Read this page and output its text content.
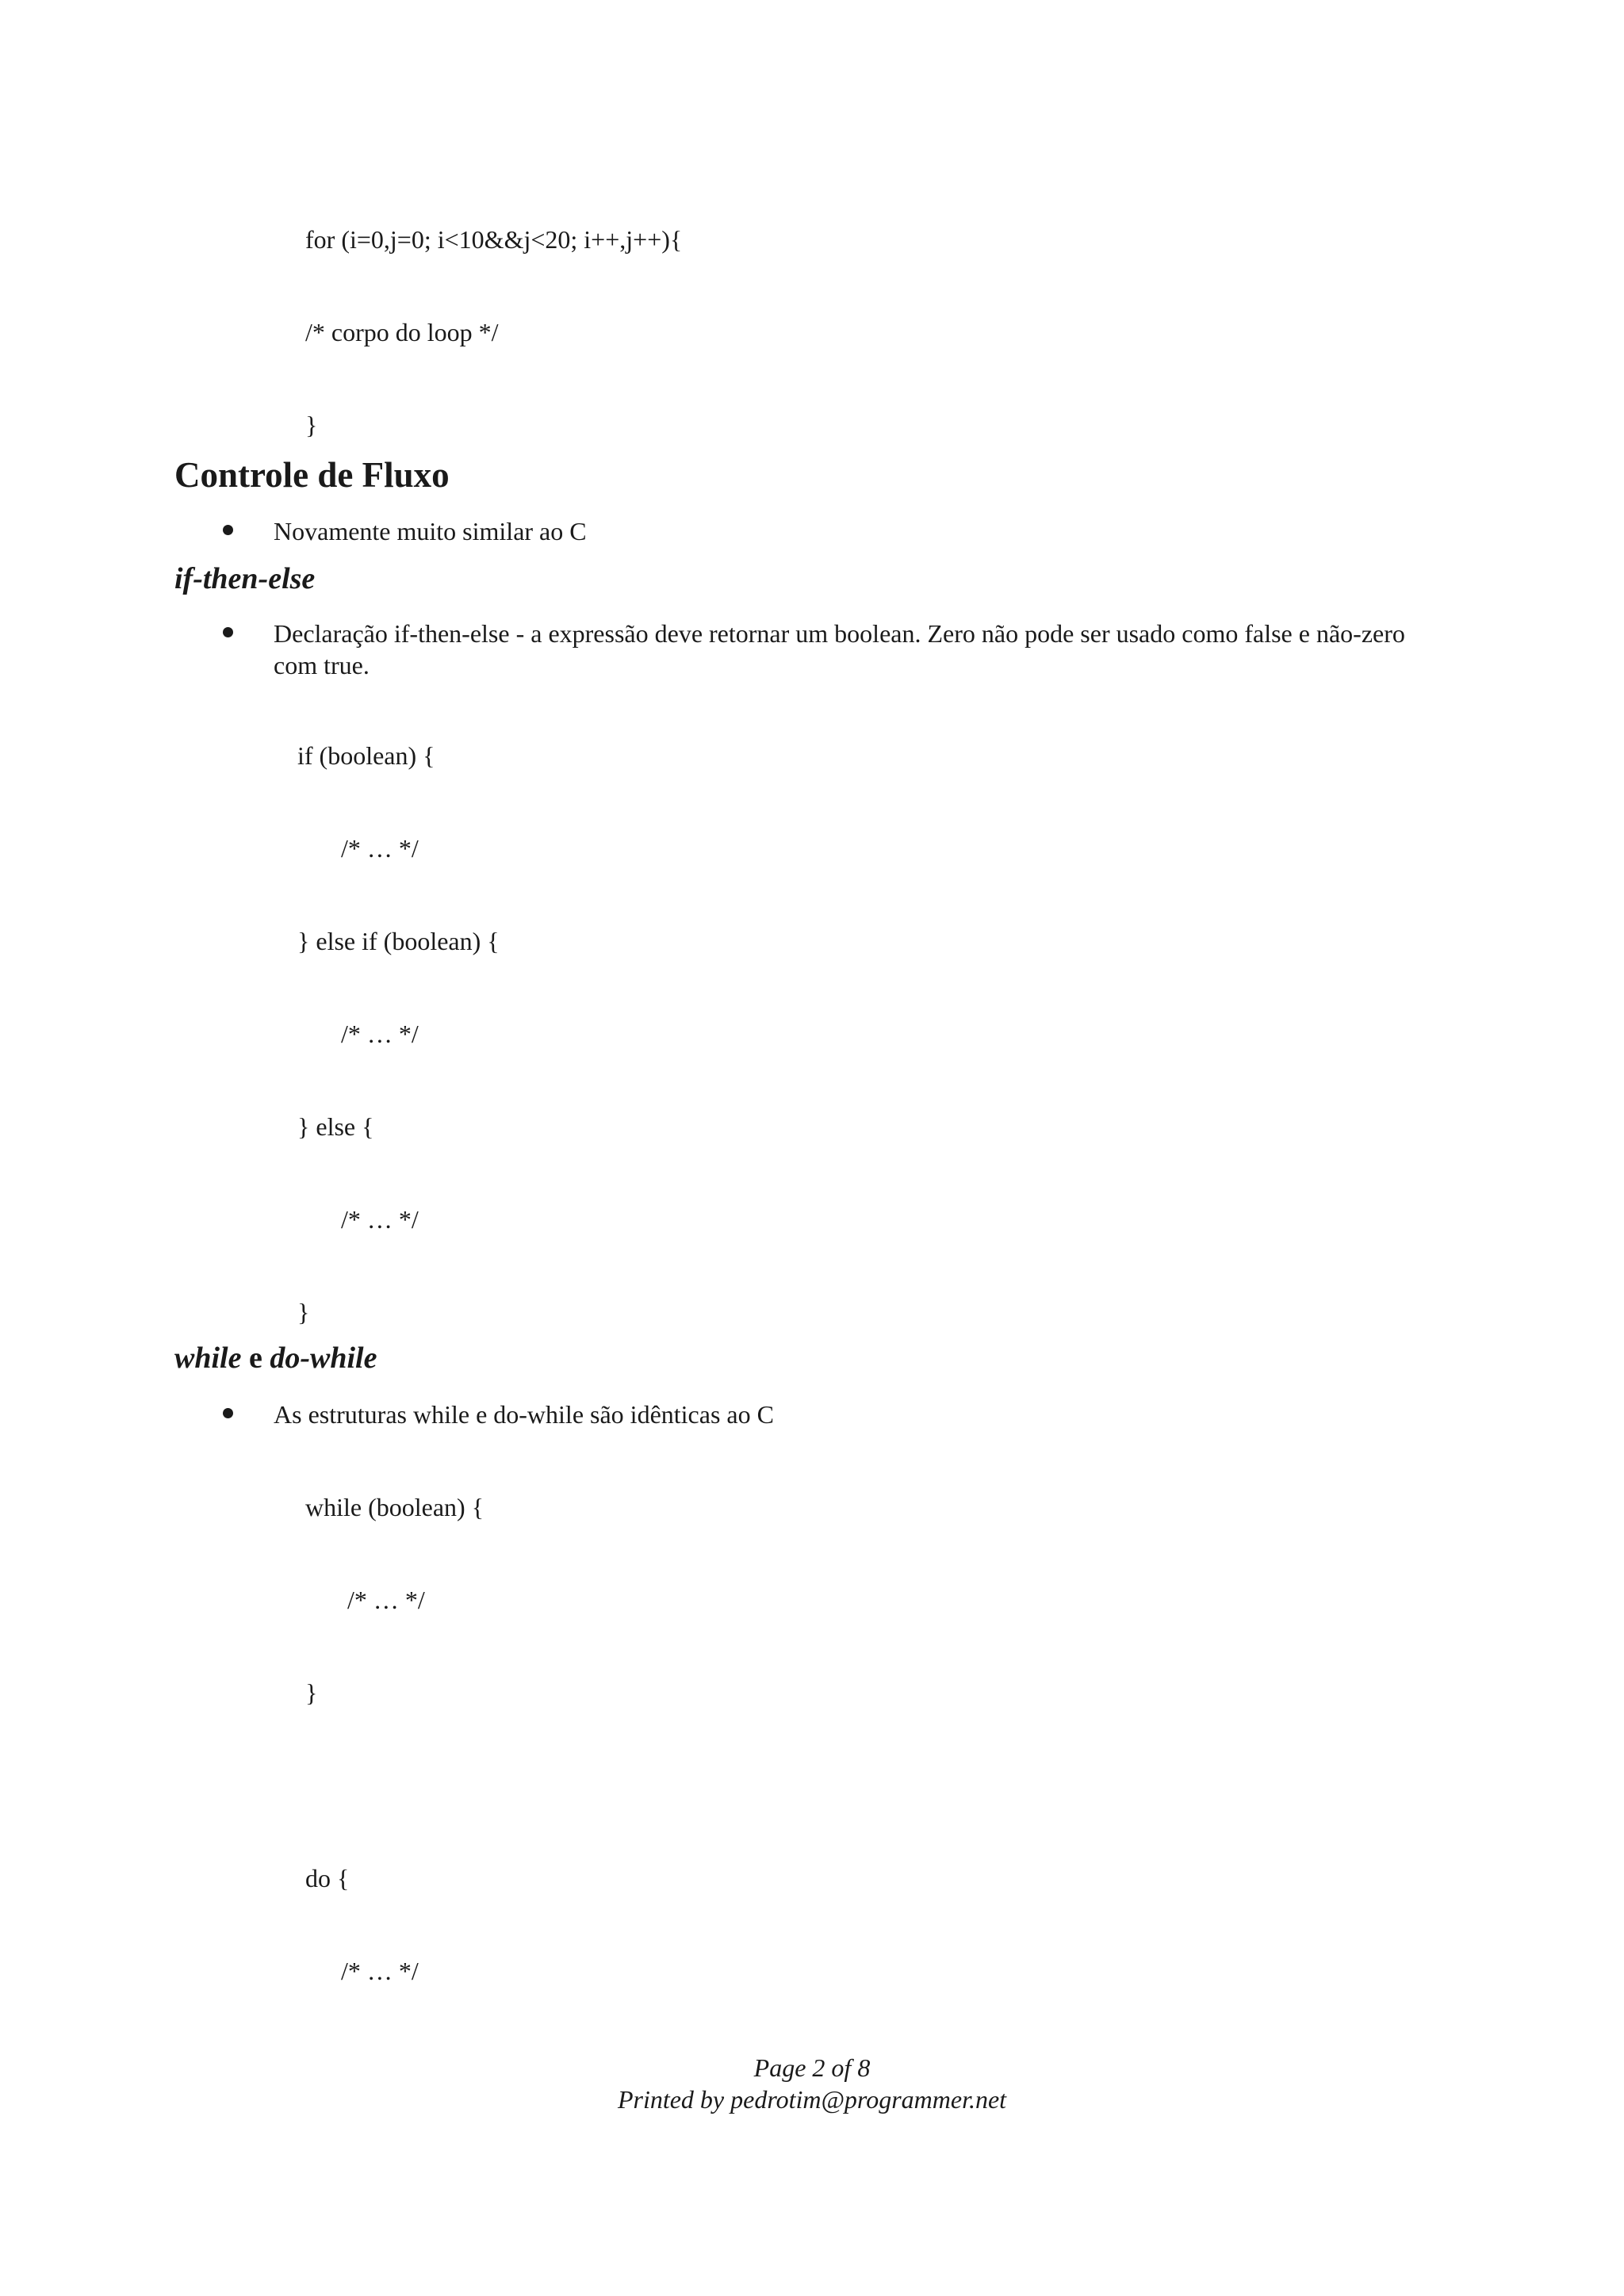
for (i=0,j=0; i<10&&j<20; i++,j++){
/* corpo do loop */
}
Controle de Fluxo
Novamente muito similar ao C
if-then-else
Declaração if-then-else - a expressão deve retornar um boolean. Zero não pode ser usado como false e não-zero com true.
if (boolean) {
/* … */
} else if (boolean) {
/* … */
} else {
/* … */
}
while e do-while
As estruturas while e do-while são idênticas ao C
while (boolean) {
/* … */
}
do {
/* … */
Page 2 of 8
Printed by pedrotim@programmer.net
